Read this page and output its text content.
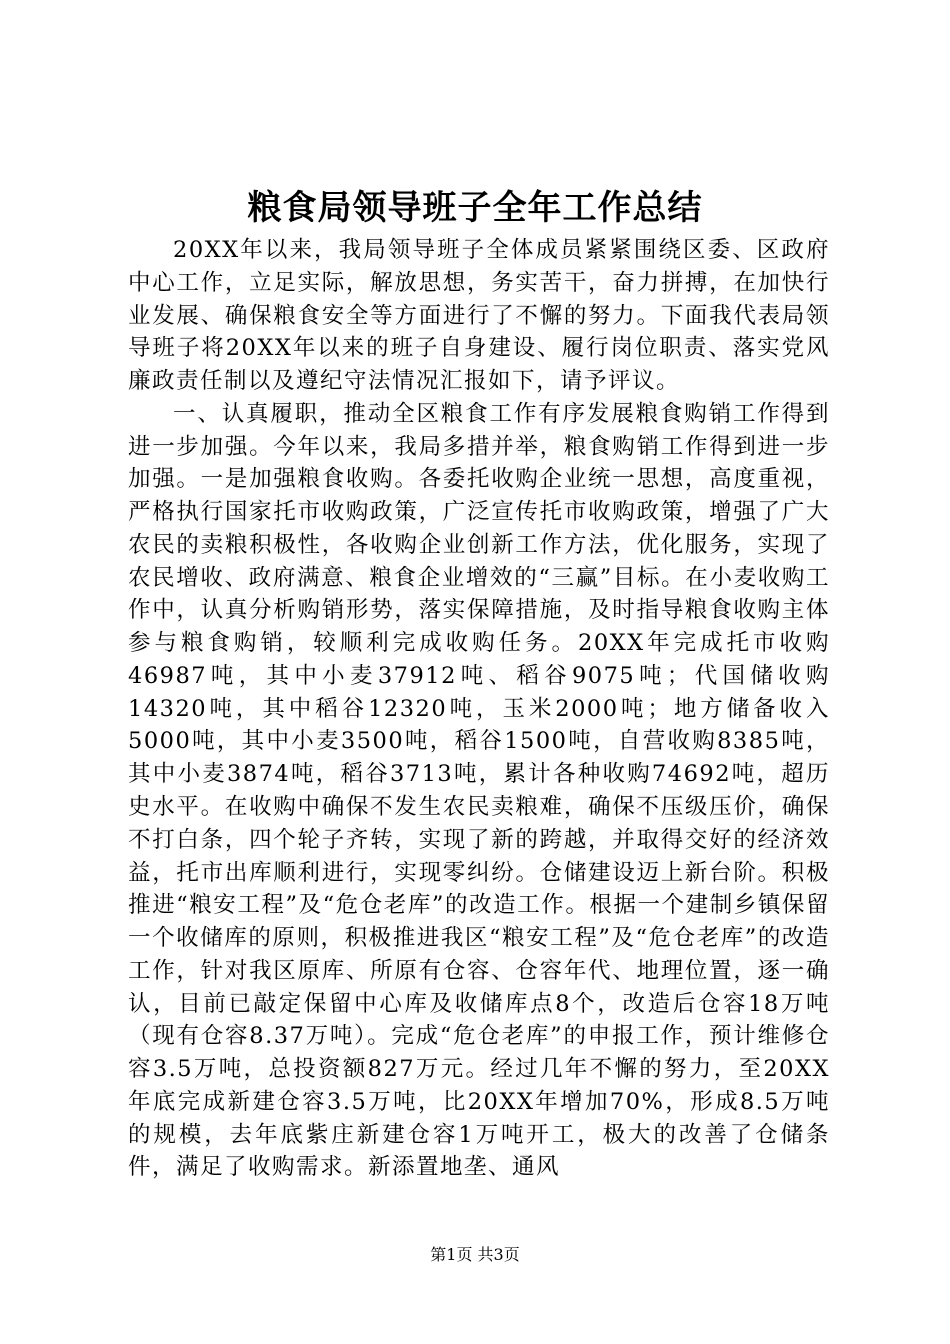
粮食局领导班子全年工作总结

20XX年以来，我局领导班子全体成员紧紧围绕区委、区政府中心工作，立足实际，解放思想，务实苦干，奋力拼搏，在加快行业发展、确保粮食安全等方面进行了不懈的努力。下面我代表局领导班子将20XX年以来的班子自身建设、履行岗位职责、落实党风廉政责任制以及遵纪守法情况汇报如下，请予评议。

一、认真履职，推动全区粮食工作有序发展粮食购销工作得到进一步加强。今年以来，我局多措并举，粮食购销工作得到进一步加强。一是加强粮食收购。各委托收购企业统一思想，高度重视，严格执行国家托市收购政策，广泛宣传托市收购政策，增强了广大农民的卖粮积极性，各收购企业创新工作方法，优化服务，实现了农民增收、政府满意、粮食企业增效的“三赢”目标。在小麦收购工作中，认真分析购销形势，落实保障措施，及时指导粮食收购主体参与粮食购销，较顺利完成收购任务。20XX年完成托市收购46987吨，其中小麦37912吨、稻谷9075吨；代国储收购14320吨，其中稻谷12320吨，玉米2000吨；地方储备收入5000吨，其中小麦3500吨，稻谷1500吨，自营收购8385吨，其中小麦3874吨，稻谷3713吨，累计各种收购74692吨，超历史水平。在收购中确保不发生农民卖粮难，确保不压级压价，确保不打白条，四个轮子齐转，实现了新的跨越，并取得交好的经济效益，托市出库顺利进行，实现零纠纷。仓储建设迈上新台阶。积极推进“粮安工程”及“危仓老库”的改造工作。根据一个建制乡镇保留一个收储库的原则，积极推进我区“粮安工程”及“危仓老库”的改造工作，针对我区原库、所原有仓容、仓容年代、地理位置，逐一确认，目前已敲定保留中心库及收储库点8个，改造后仓容18万吨（现有仓容8.37万吨）。完成“危仓老库”的申报工作，预计维修仓容3.5万吨，总投资额827万元。经过几年不懈的努力，至20XX年底完成新建仓容3.5万吨，比20XX年增加70%，形成8.5万吨的规模，去年底紫庄新建仓容1万吨开工，极大的改善了仓储条件，满足了收购需求。新添置地垄、通风

第1页 共3页
